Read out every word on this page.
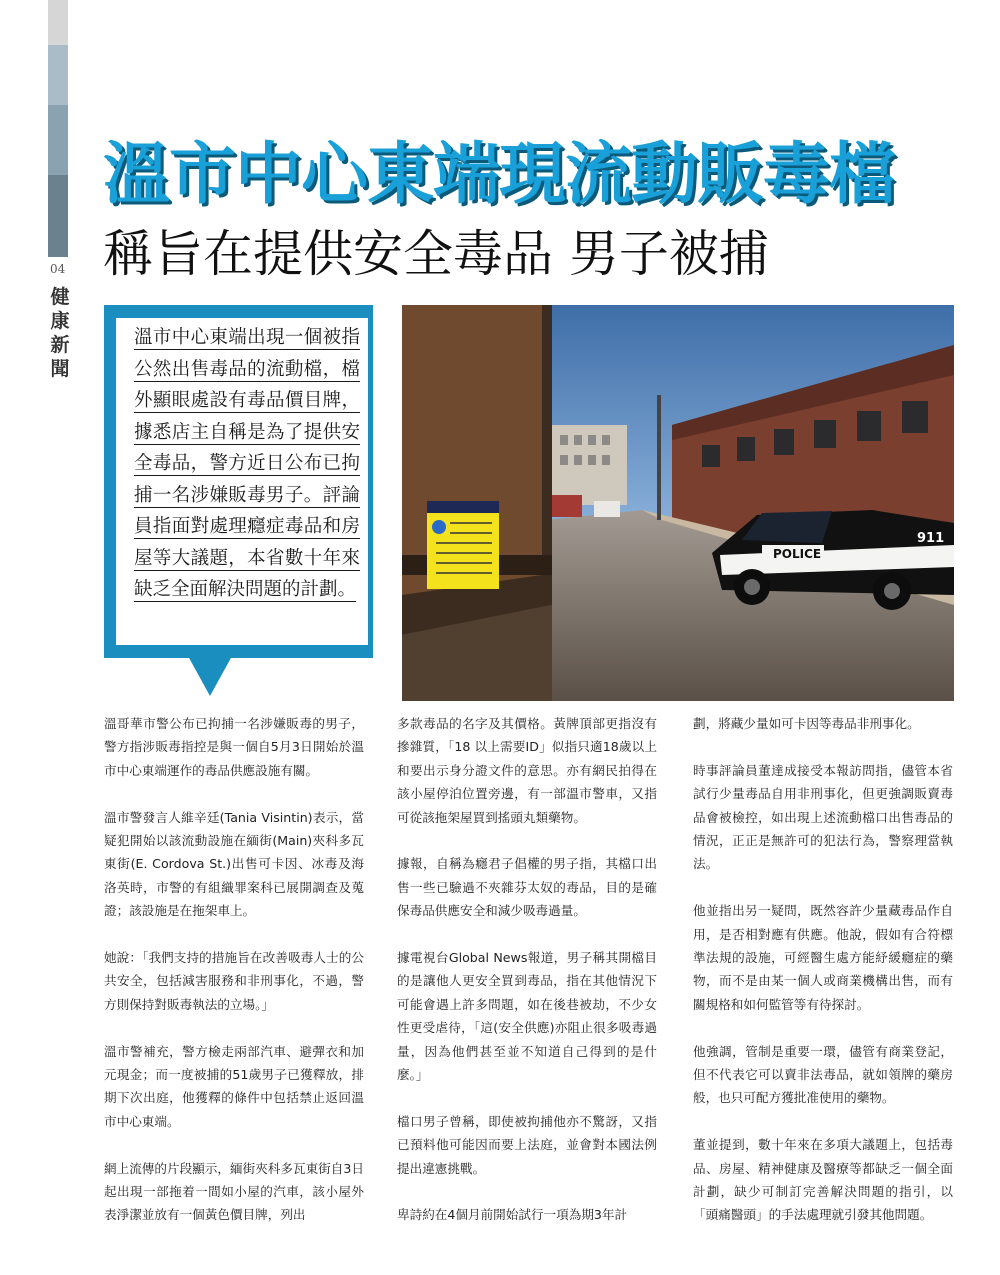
04
健
康
新
聞
溫市中心東端現流動販毒檔
稱旨在提供安全毒品 男子被捕

溫市中心東端出現一個被指公然出售毒品的流動檔，檔外顯眼處設有毒品價目牌，據悉店主自稱是為了提供安全毒品，警方近日公布已拘捕一名涉嫌販毒男子。評論員指面對處理癮症毒品和房屋等大議題，本省數十年來缺乏全面解決問題的計劃。

POLICE
911

溫哥華市警公布已拘捕一名涉嫌販毒的男子，警方指涉販毒指控是與一個自5月3日開始於溫市中心東端運作的毒品供應設施有關。

溫市警發言人維辛廷(Tania Visintin)表示，當疑犯開始以該流動設施在緬街(Main)夾科多瓦東街(E. Cordova St.)出售可卡因、冰毒及海洛英時，市警的有組織罪案科已展開調查及蒐證；該設施是在拖架車上。

她說：「我們支持的措施旨在改善吸毒人士的公共安全，包括減害服務和非刑事化，不過，警方則保持對販毒執法的立場。」

溫市警補充，警方檢走兩部汽車、避彈衣和加元現金；而一度被捕的51歲男子已獲釋放，排期下次出庭，他獲釋的條件中包括禁止返回溫市中心東端。

網上流傳的片段顯示，緬街夾科多瓦東街自3日起出現一部拖着一間如小屋的汽車，該小屋外表淨潔並放有一個黃色價目牌，列出

多款毒品的名字及其價格。黃牌頂部更指沒有摻雜質，「18 以上需要ID」似指只適18歲以上和要出示身分證文件的意思。亦有網民拍得在該小屋停泊位置旁邊，有一部溫市警車，又指可從該拖架屋買到搖頭丸類藥物。

據報，自稱為癮君子倡權的男子指，其檔口出售一些已驗過不夾雜芬太奴的毒品，目的是確保毒品供應安全和減少吸毒過量。

據電視台Global News報道，男子稱其開檔目的是讓他人更安全買到毒品，指在其他情況下可能會遇上許多問題，如在後巷被劫，不少女性更受虐待，「這(安全供應)亦阻止很多吸毒過量，因為他們甚至並不知道自己得到的是什麼。」

檔口男子曾稱，即使被拘捕他亦不驚訝，又指已預料他可能因而要上法庭，並會對本國法例提出違憲挑戰。

卑詩約在4個月前開始試行一項為期3年計

劃，將藏少量如可卡因等毒品非刑事化。

時事評論員董達成接受本報訪問指，儘管本省試行少量毒品自用非刑事化，但更強調販賣毒品會被檢控，如出現上述流動檔口出售毒品的情況，正正是無許可的犯法行為，警察理當執法。

他並指出另一疑問，既然容許少量藏毒品作自用，是否相對應有供應。他說，假如有合符標準法規的設施，可經醫生處方能紓緩癮症的藥物，而不是由某一個人或商業機構出售，而有關規格和如何監管等有待探討。

他強調，管制是重要一環，儘管有商業登記，但不代表它可以賣非法毒品，就如領牌的藥房般，也只可配方獲批准使用的藥物。

董並提到，數十年來在多項大議題上，包括毒品、房屋、精神健康及醫療等都缺乏一個全面計劃，缺少可制訂完善解決問題的指引，以「頭痛醫頭」的手法處理就引發其他問題。
